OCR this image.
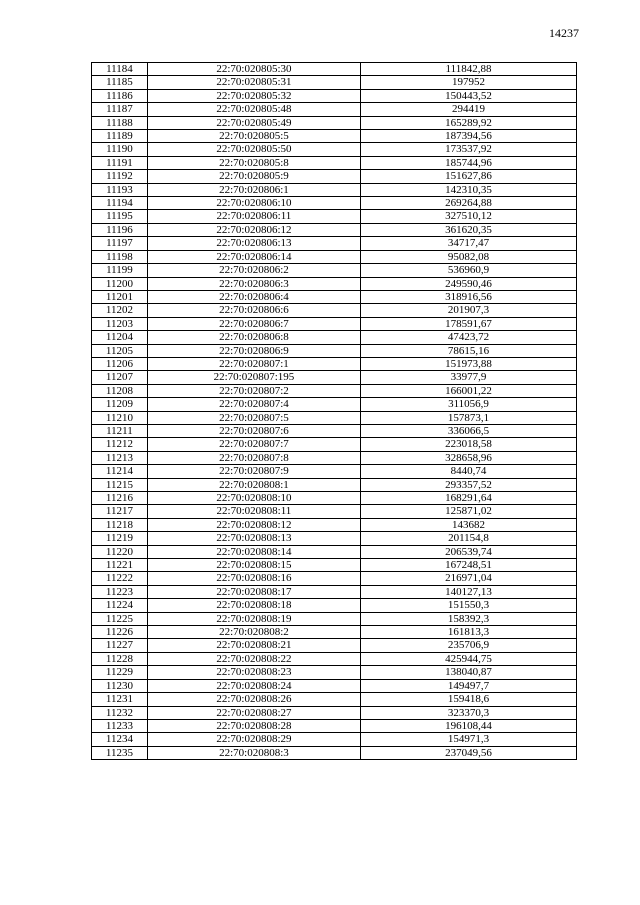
14237
11184	22:70:020805:30	111842,88
11185	22:70:020805:31	197952
11186	22:70:020805:32	150443,52
11187	22:70:020805:48	294419
11188	22:70:020805:49	165289,92
11189	22:70:020805:5	187394,56
11190	22:70:020805:50	173537,92
11191	22:70:020805:8	185744,96
11192	22:70:020805:9	151627,86
11193	22:70:020806:1	142310,35
11194	22:70:020806:10	269264,88
11195	22:70:020806:11	327510,12
11196	22:70:020806:12	361620,35
11197	22:70:020806:13	34717,47
11198	22:70:020806:14	95082,08
11199	22:70:020806:2	536960,9
11200	22:70:020806:3	249590,46
11201	22:70:020806:4	318916,56
11202	22:70:020806:6	201907,3
11203	22:70:020806:7	178591,67
11204	22:70:020806:8	47423,72
11205	22:70:020806:9	78615,16
11206	22:70:020807:1	151973,88
11207	22:70:020807:195	33977,9
11208	22:70:020807:2	166001,22
11209	22:70:020807:4	311056,9
11210	22:70:020807:5	157873,1
11211	22:70:020807:6	336066,5
11212	22:70:020807:7	223018,58
11213	22:70:020807:8	328658,96
11214	22:70:020807:9	8440,74
11215	22:70:020808:1	293357,52
11216	22:70:020808:10	168291,64
11217	22:70:020808:11	125871,02
11218	22:70:020808:12	143682
11219	22:70:020808:13	201154,8
11220	22:70:020808:14	206539,74
11221	22:70:020808:15	167248,51
11222	22:70:020808:16	216971,04
11223	22:70:020808:17	140127,13
11224	22:70:020808:18	151550,3
11225	22:70:020808:19	158392,3
11226	22:70:020808:2	161813,3
11227	22:70:020808:21	235706,9
11228	22:70:020808:22	425944,75
11229	22:70:020808:23	138040,87
11230	22:70:020808:24	149497,7
11231	22:70:020808:26	159418,6
11232	22:70:020808:27	323370,3
11233	22:70:020808:28	196108,44
11234	22:70:020808:29	154971,3
11235	22:70:020808:3	237049,56
